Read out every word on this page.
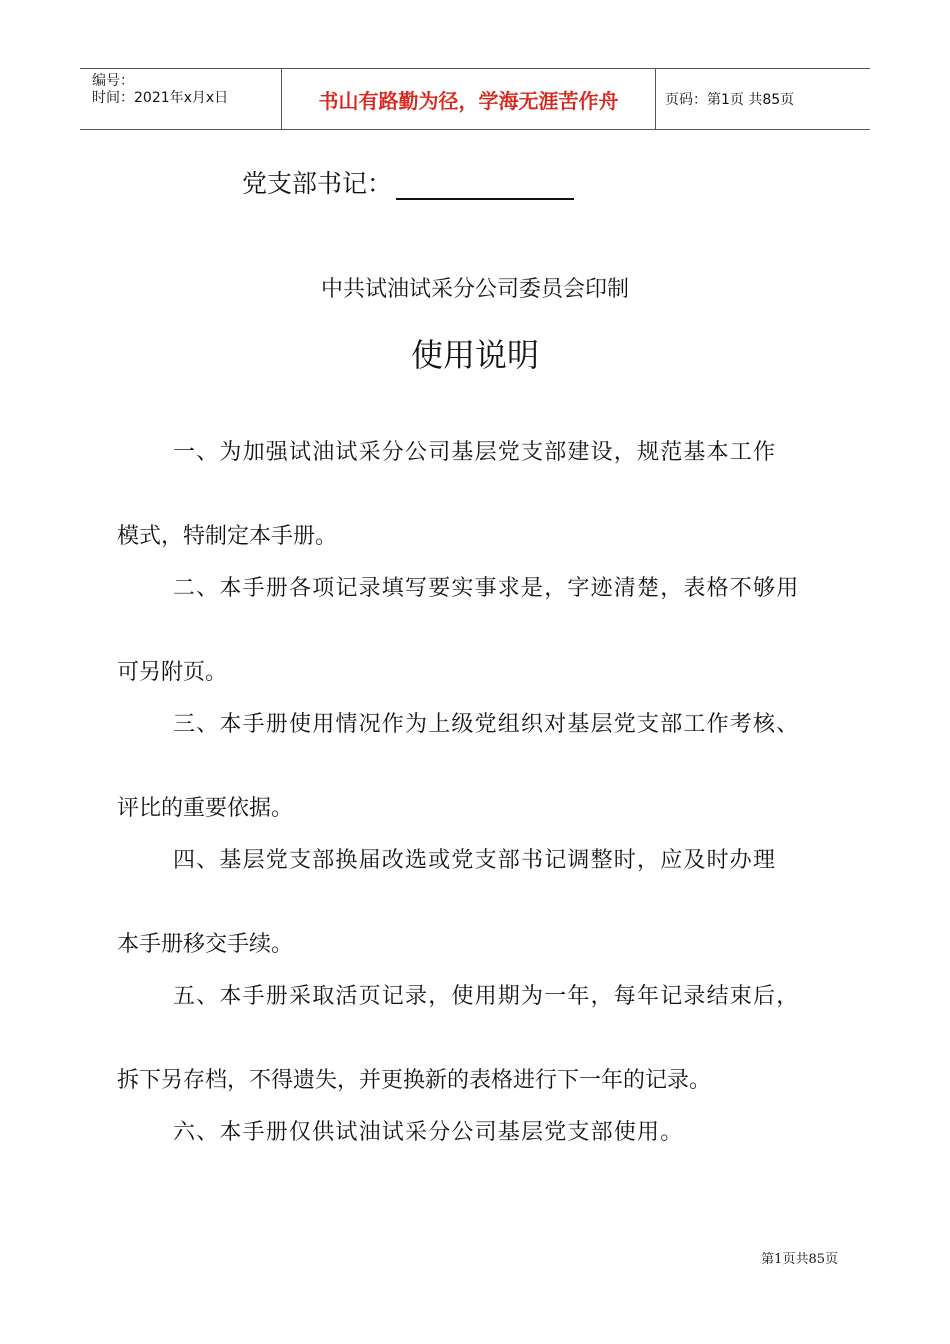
编号：
时间：2021年x月x日	书山有路勤为径，学海无涯苦作舟	页码：第1页 共85页
党支部书记：
中共试油试采分公司委员会印制
使用说明
一、为加强试油试采分公司基层党支部建设，规范基本工作
模式，特制定本手册。
二、本手册各项记录填写要实事求是，字迹清楚，表格不够用
可另附页。
三、本手册使用情况作为上级党组织对基层党支部工作考核、
评比的重要依据。
四、基层党支部换届改选或党支部书记调整时，应及时办理
本手册移交手续。
五、本手册采取活页记录，使用期为一年，每年记录结束后，
拆下另存档，不得遗失，并更换新的表格进行下一年的记录。
六、本手册仅供试油试采分公司基层党支部使用。
第1页共85页
